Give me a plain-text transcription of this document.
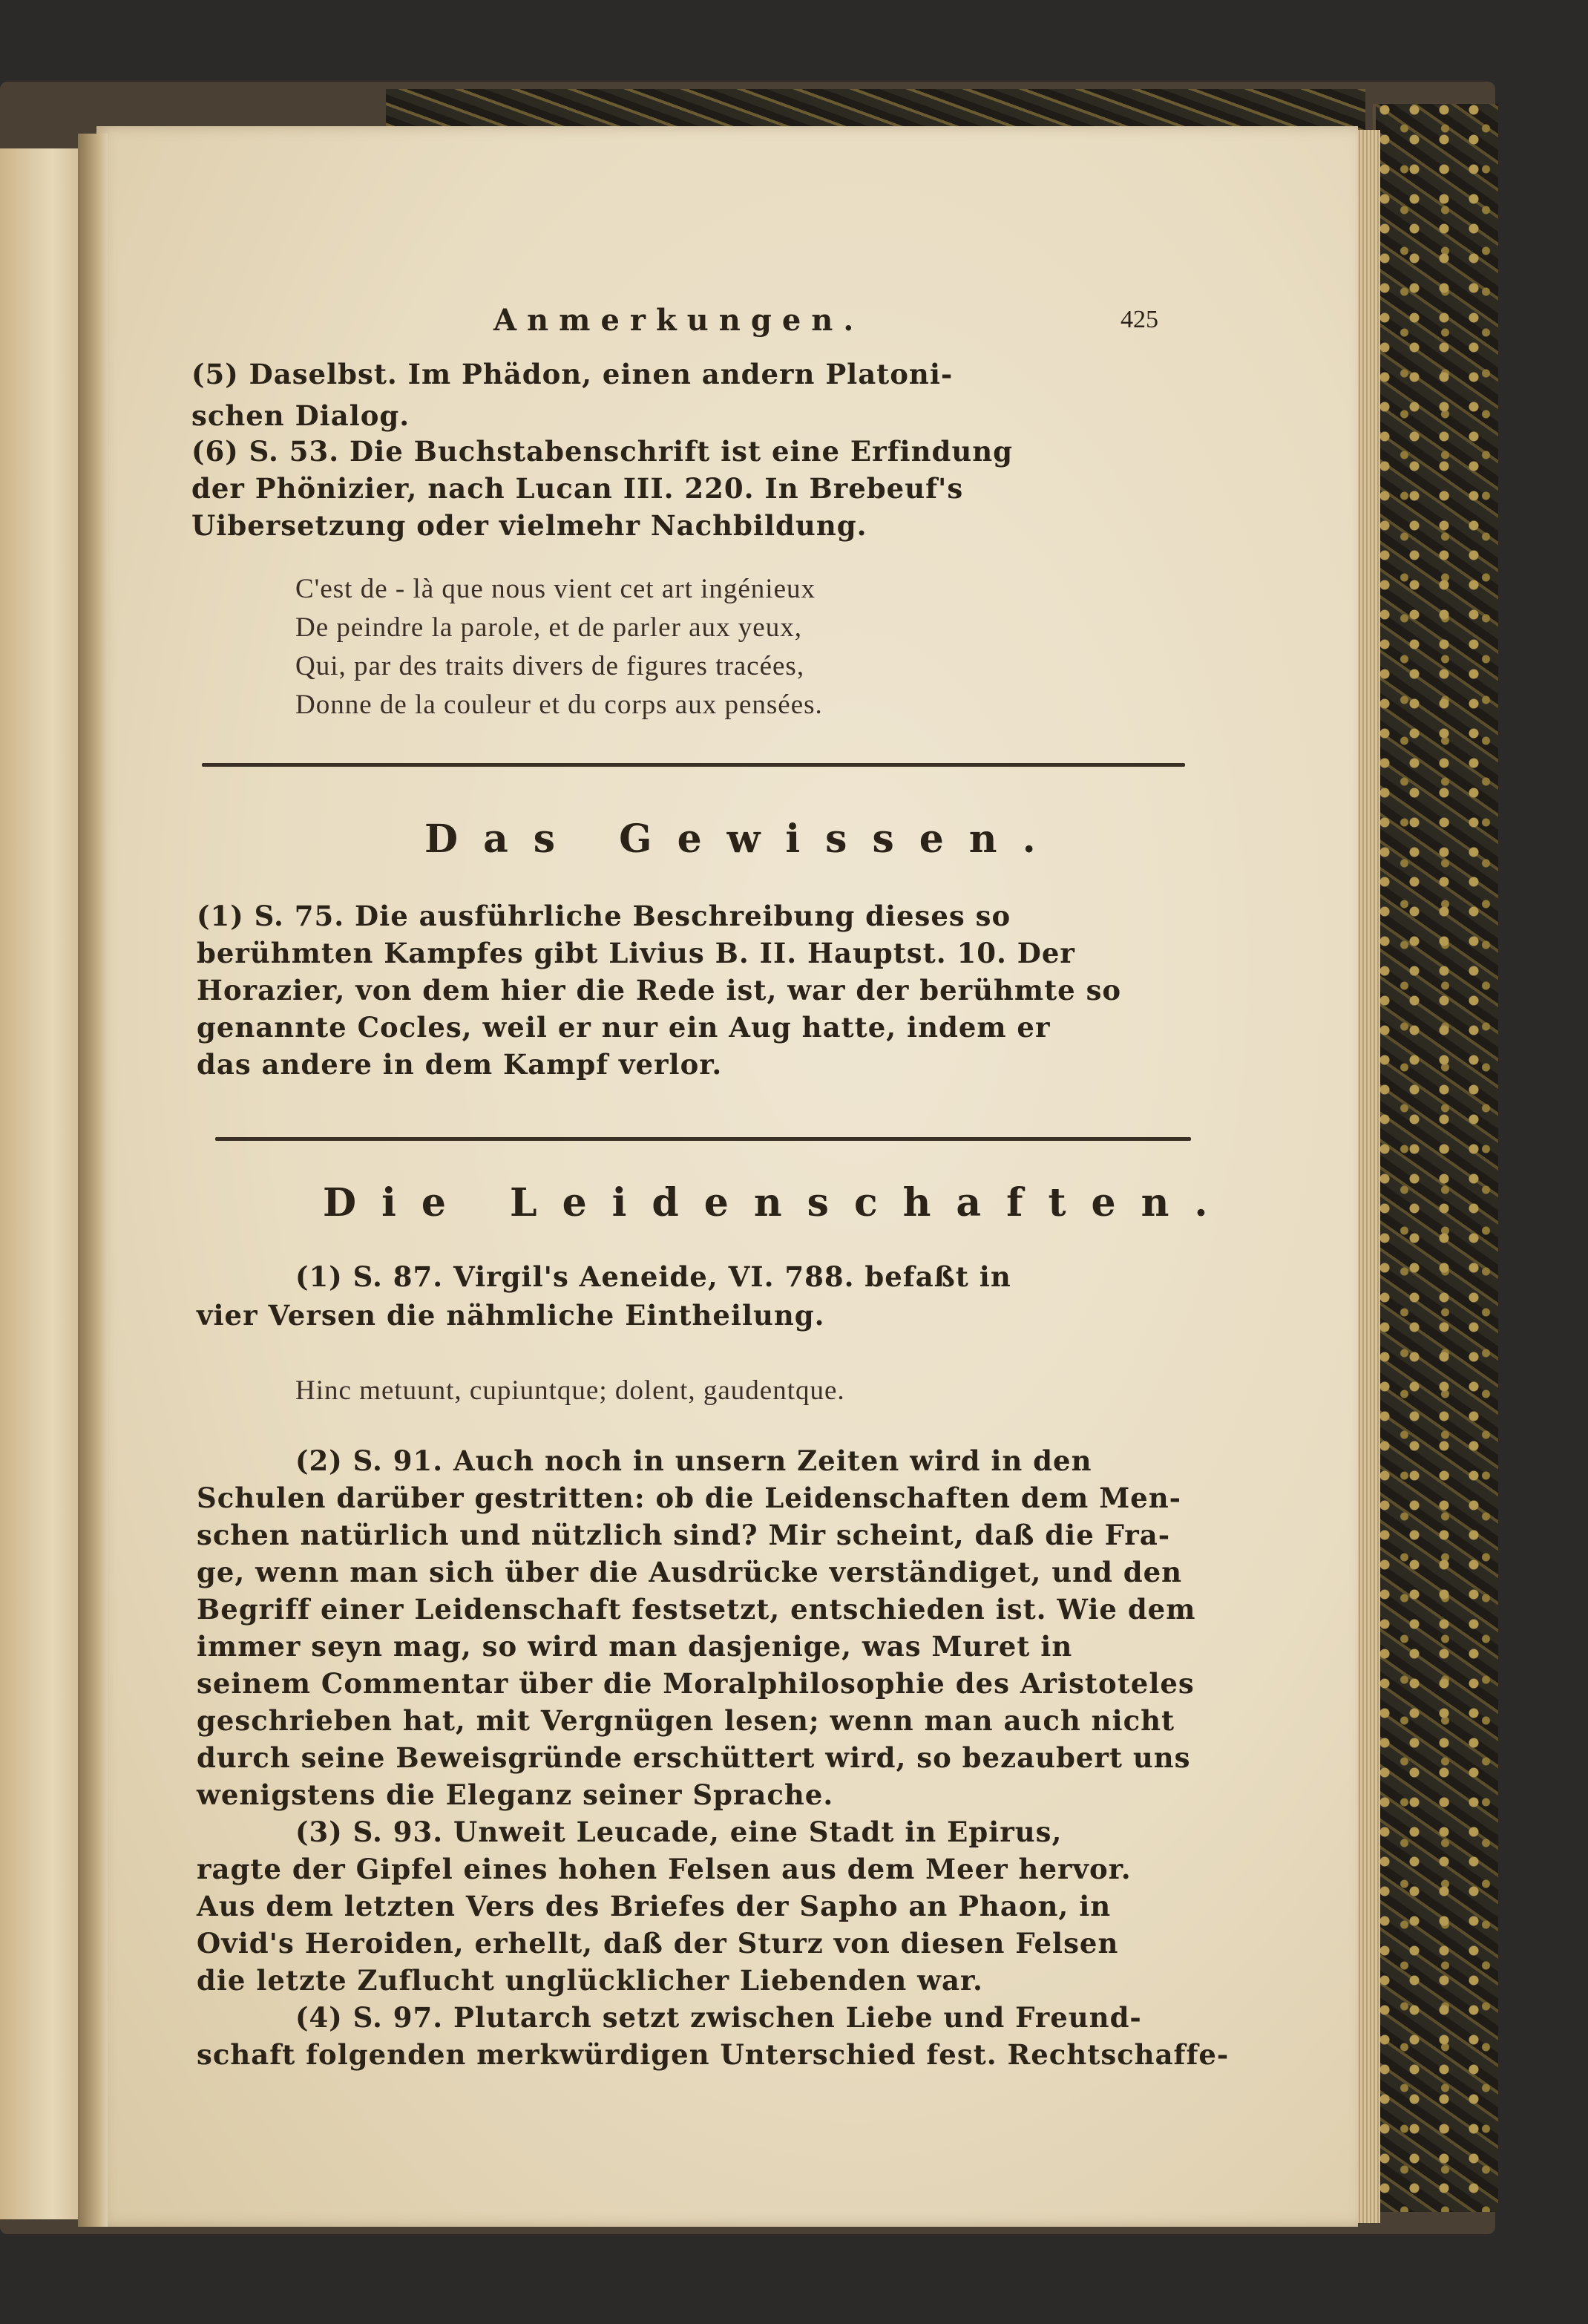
Anmerkungen.	425
(5) Daselbst. Im Phädon, einen andern Platoni-
schen Dialog.
(6) S. 53. Die Buchstabenschrift ist eine Erfindung
der Phönizier, nach Lucan III. 220. In Brebeuf's
Uibersetzung oder vielmehr Nachbildung.
C'est de - là que nous vient cet art ingénieux
De peindre la parole, et de parler aux yeux,
Qui, par des traits divers de figures tracées,
Donne de la couleur et du corps aux pensées.
Das Gewissen.
(1) S. 75. Die ausführliche Beschreibung dieses so
berühmten Kampfes gibt Livius B. II. Hauptst. 10. Der
Horazier, von dem hier die Rede ist, war der berühmte so
genannte Cocles, weil er nur ein Aug hatte, indem er
das andere in dem Kampf verlor.
Die Leidenschaften.
(1) S. 87. Virgil's Aeneide, VI. 788. befaßt in
vier Versen die nähmliche Eintheilung.
Hinc metuunt, cupiuntque; dolent, gaudentque.
(2) S. 91. Auch noch in unsern Zeiten wird in den
Schulen darüber gestritten: ob die Leidenschaften dem Men-
schen natürlich und nützlich sind? Mir scheint, daß die Fra-
ge, wenn man sich über die Ausdrücke verständiget, und den
Begriff einer Leidenschaft festsetzt, entschieden ist. Wie dem
immer seyn mag, so wird man dasjenige, was Muret in
seinem Commentar über die Moralphilosophie des Aristoteles
geschrieben hat, mit Vergnügen lesen; wenn man auch nicht
durch seine Beweisgründe erschüttert wird, so bezaubert uns
wenigstens die Eleganz seiner Sprache.
(3) S. 93. Unweit Leucade, eine Stadt in Epirus,
ragte der Gipfel eines hohen Felsen aus dem Meer hervor.
Aus dem letzten Vers des Briefes der Sapho an Phaon, in
Ovid's Heroiden, erhellt, daß der Sturz von diesen Felsen
die letzte Zuflucht unglücklicher Liebenden war.
(4) S. 97. Plutarch setzt zwischen Liebe und Freund-
schaft folgenden merkwürdigen Unterschied fest. Rechtschaffe-
